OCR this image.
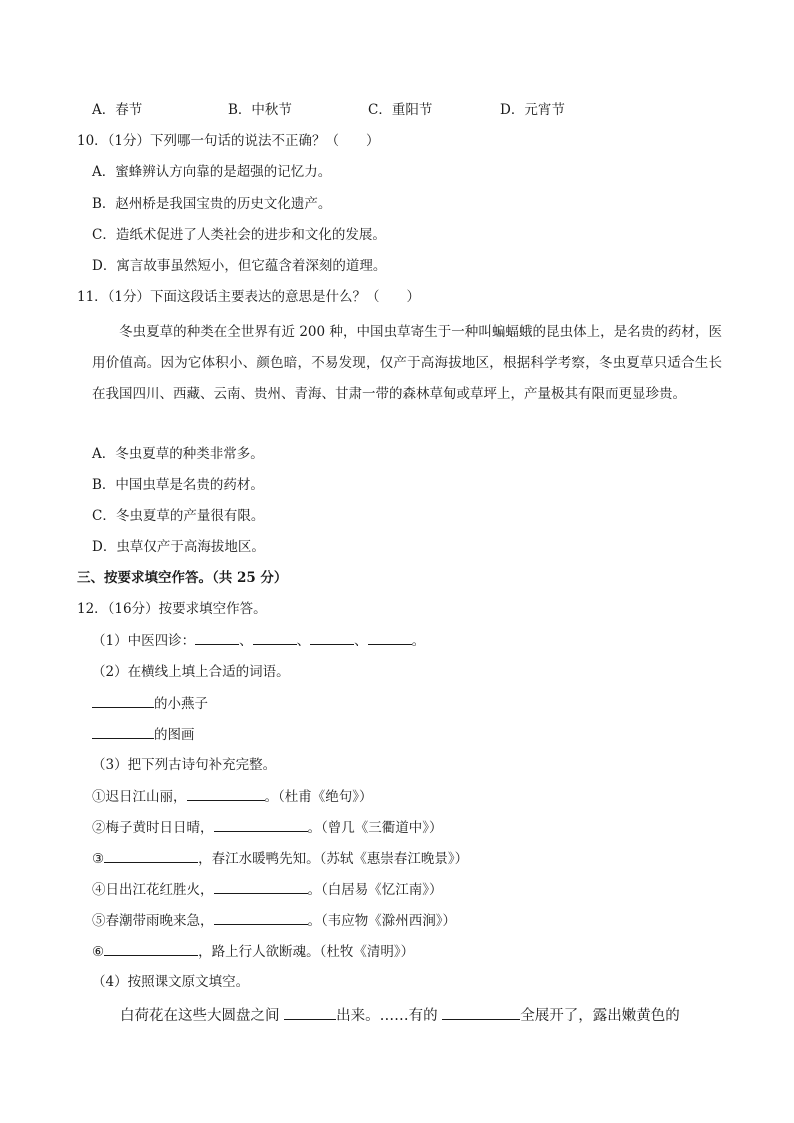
A．春节	B．中秋节	C．重阳节	D．元宵节
10．（1分）下列哪一句话的说法不正确？（　　）
A．蜜蜂辨认方向靠的是超强的记忆力。
B．赵州桥是我国宝贵的历史文化遗产。
C．造纸术促进了人类社会的进步和文化的发展。
D．寓言故事虽然短小，但它蕴含着深刻的道理。
11．（1分）下面这段话主要表达的意思是什么？（　　）

冬虫夏草的种类在全世界有近 200 种，中国虫草寄生于一种叫蝙蝠蛾的昆虫体上，是名贵的药材，医用价值高。因为它体积小、颜色暗，不易发现，仅产于高海拔地区，根据科学考察，冬虫夏草只适合生长在我国四川、西藏、云南、贵州、青海、甘肃一带的森林草甸或草坪上，产量极其有限而更显珍贵。

A．冬虫夏草的种类非常多。
B．中国虫草是名贵的药材。
C．冬虫夏草的产量很有限。
D．虫草仅产于高海拔地区。
三、按要求填空作答。（共 25 分）
12．（16分）按要求填空作答。
（1）中医四诊：	、	、	、	。
（2）在横线上填上合适的词语。
的小燕子
的图画
（3）把下列古诗句补充完整。
①迟日江山丽，	。（杜甫《绝句》）
②梅子黄时日日晴，	。（曾几《三衢道中》）
③	，春江水暖鸭先知。（苏轼《惠崇春江晚景》）
④日出江花红胜火，	。（白居易《忆江南》）
⑤春潮带雨晚来急，	。（韦应物《滁州西涧》）
⑥	，路上行人欲断魂。（杜牧《清明》）
（4）按照课文原文填空。
白荷花在这些大圆盘之间	出来。……有的	全展开了，露出嫩黄色的
